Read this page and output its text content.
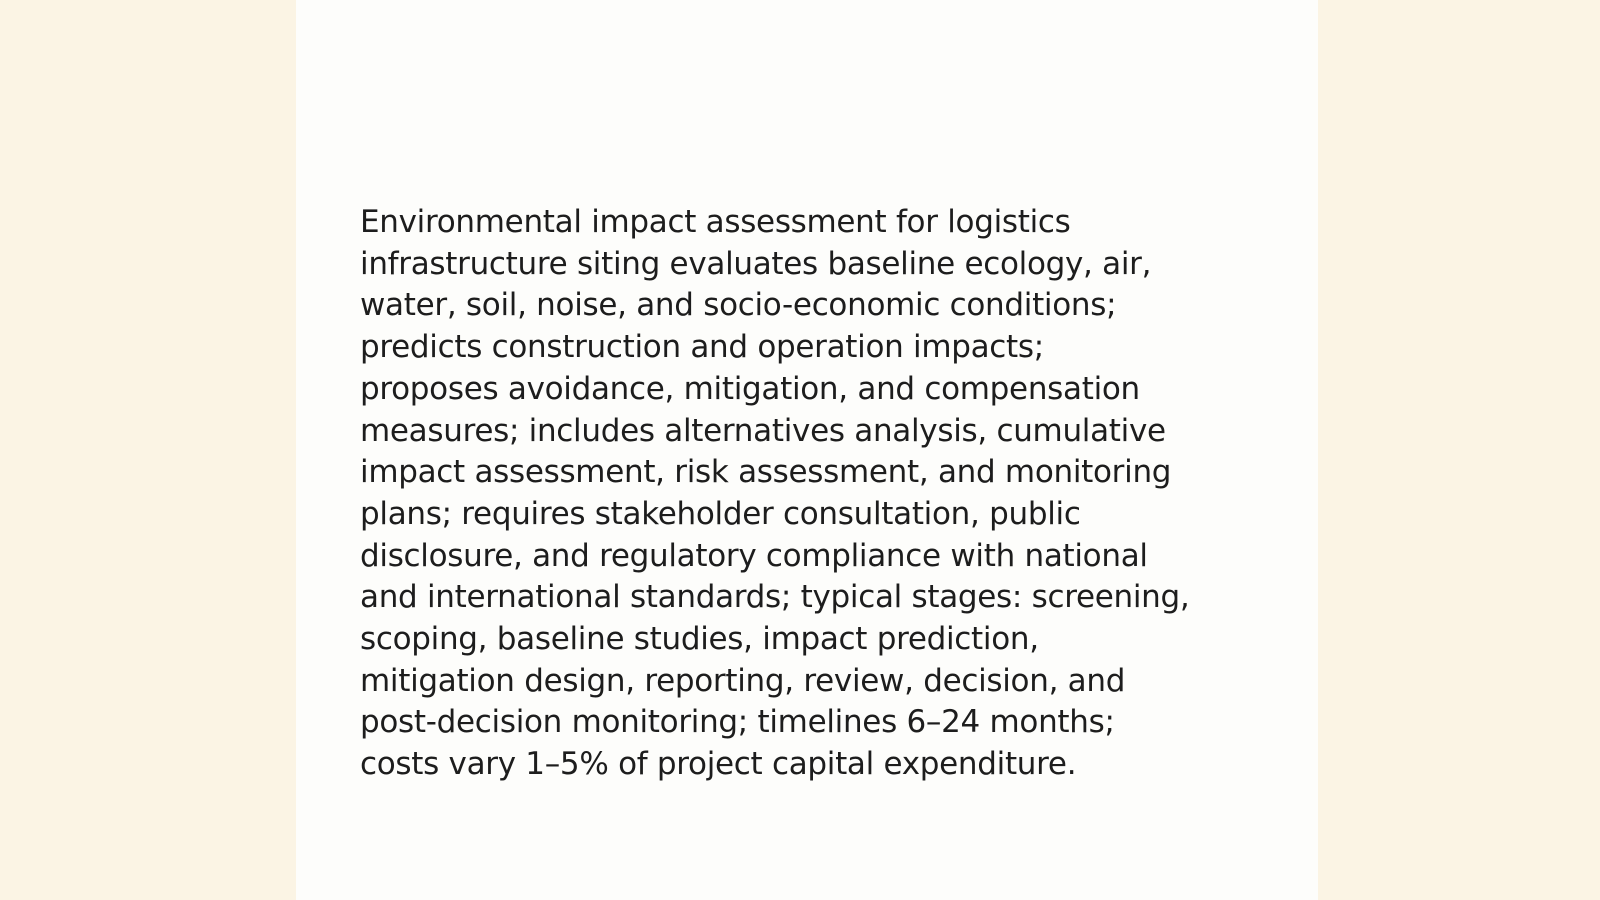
Environmental impact assessment for logistics
infrastructure siting evaluates baseline ecology, air,
water, soil, noise, and socio-economic conditions;
predicts construction and operation impacts;
proposes avoidance, mitigation, and compensation
measures; includes alternatives analysis, cumulative
impact assessment, risk assessment, and monitoring
plans; requires stakeholder consultation, public
disclosure, and regulatory compliance with national
and international standards; typical stages: screening,
scoping, baseline studies, impact prediction,
mitigation design, reporting, review, decision, and
post-decision monitoring; timelines 6–24 months;
costs vary 1–5% of project capital expenditure.
